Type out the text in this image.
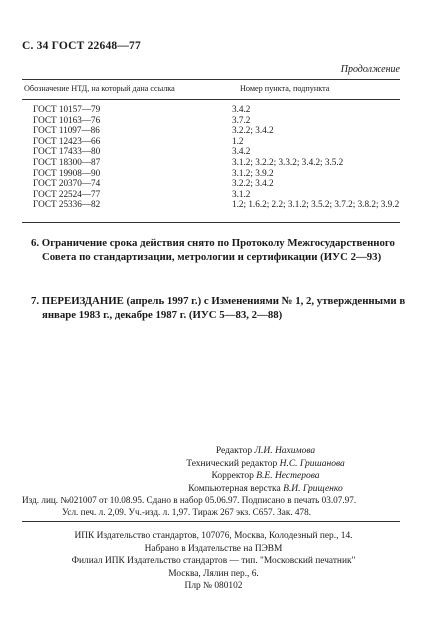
С. 34 ГОСТ 22648—77
Продолжение
Обозначение НТД, на который дана ссылка	Номер пункта, подпункта
ГОСТ 10157—79	3.4.2
ГОСТ 10163—76	3.7.2
ГОСТ 11097—86	3.2.2; 3.4.2
ГОСТ 12423—66	1.2
ГОСТ 17433—80	3.4.2
ГОСТ 18300—87	3.1.2; 3.2.2; 3.3.2; 3.4.2; 3.5.2
ГОСТ 19908—90	3.1.2; 3.9.2
ГОСТ 20370—74	3.2.2; 3.4.2
ГОСТ 22524—77	3.1.2
ГОСТ 25336—82	1.2; 1.6.2; 2.2; 3.1.2; 3.5.2; 3.7.2; 3.8.2; 3.9.2
6. Ограничение срока действия снято по Протоколу Межгосударственного Совета по стандартизации, метрологии и сертификации (ИУС 2—93)
7. ПЕРЕИЗДАНИЕ (апрель 1997 г.) с Изменениями № 1, 2, утвержденными в январе 1983 г., декабре 1987 г. (ИУС 5—83, 2—88)
Редактор Л.И. Нахимова
Технический редактор Н.С. Гришанова
Корректор В.Е. Нестерова
Компьютерная верстка В.И. Грищенко
Изд. лиц. №021007 от 10.08.95. Сдано в набор 05.06.97. Подписано в печать 03.07.97.
Усл. печ. л. 2,09. Уч.-изд. л. 1,97. Тираж 267 экз. С657. Зак. 478.
ИПК Издательство стандартов, 107076, Москва, Колодезный пер., 14.
Набрано в Издательстве на ПЭВМ
Филиал ИПК Издательство стандартов — тип. "Московский печатник"
Москва, Лялин пер., 6.
Плр № 080102
